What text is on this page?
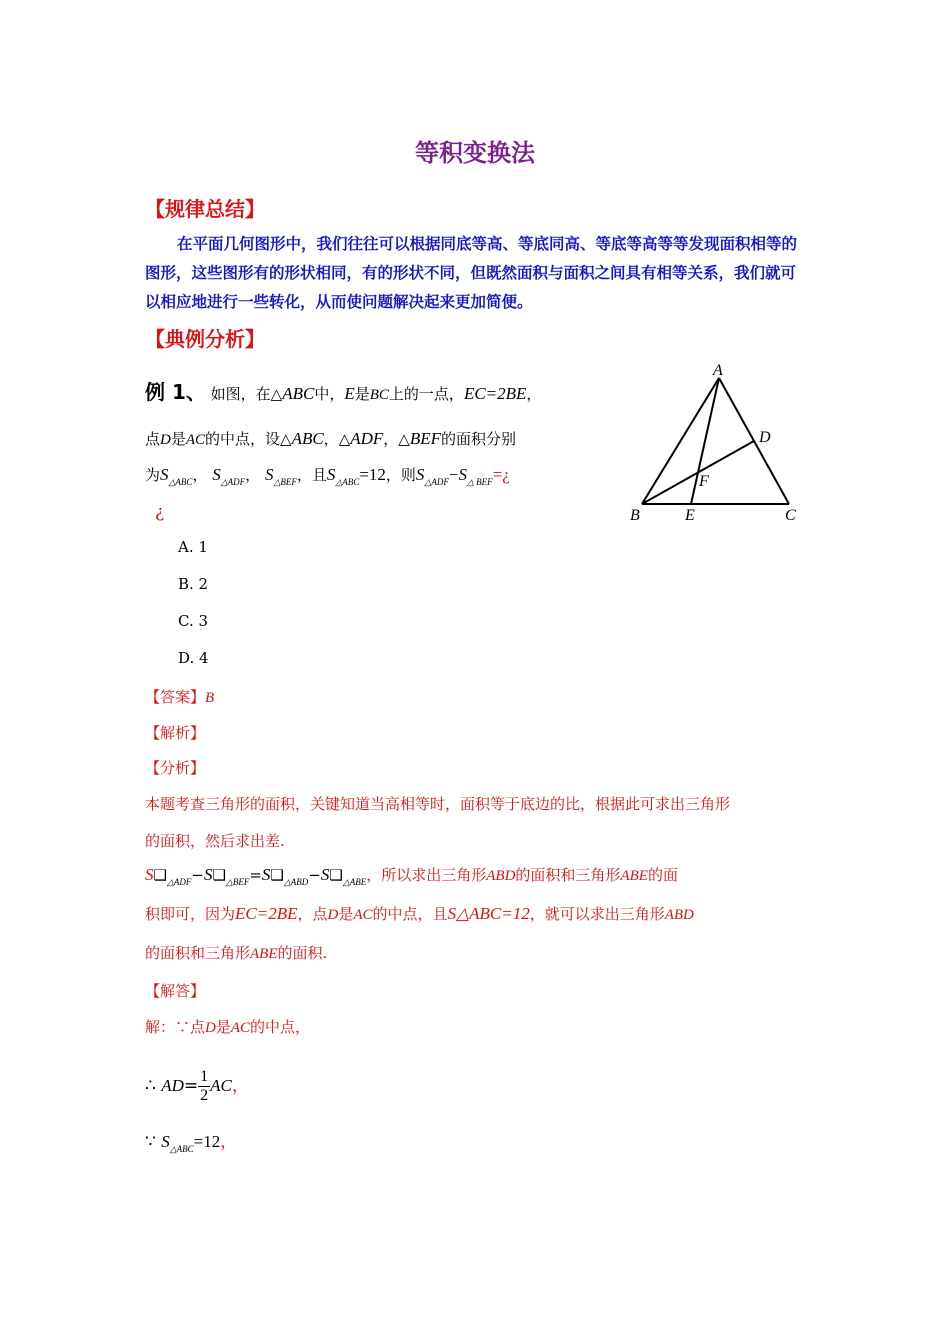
等积变换法
【规律总结】
在平面几何图形中，我们往往可以根据同底等高、等底同高、等底等高等等发现面积相等的图形，这些图形有的形状相同，有的形状不同，但既然面积与面积之间具有相等关系，我们就可以相应地进行一些转化，从而使问题解决起来更加简便。
【典例分析】
例 1、 如图，在△ABC中，E是BC上的一点，EC=2BE，
点D是AC的中点，设△ABC，△ADF，△BEF的面积分别
为$S_{\triangle ABC}$， $S_{\triangle ADF}$， $S_{\triangle BEF}$，且$S_{\triangle ABC}=12$，则$S_{\triangle ADF}-S_{\triangle BEF}=¿$
¿
A. 1
B. 2
C. 3
D. 4
A
B	C
D
E
F
【答案】B
【解析】
【分析】
本题考查三角形的面积，关键知道当高相等时，面积等于底边的比，根据此可求出三角形
的面积，然后求出差.
$S❑_{\triangle ADF}-S❑_{\triangle BEF}=S❑_{\triangle ABD}-S❑_{\triangle ABE}$，所以求出三角形ABD的面积和三角形ABE的面
积即可，因为EC=2BE，点D是AC的中点，且S△ABC=12，就可以求出三角形ABD
的面积和三角形ABE的面积.
【解答】
解：∵点D是AC的中点，
∴ $AD= \frac{1}{2}$ AC，
∵ $S_{\triangle ABC}=12$，
